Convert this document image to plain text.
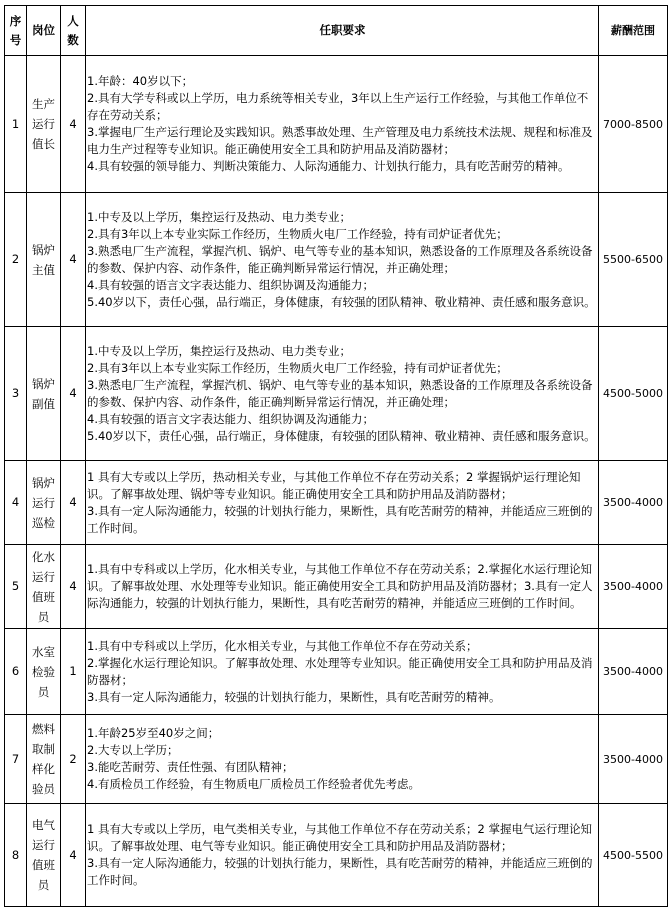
序
号	岗位	人
数	任职要求	薪酬范围
1	生产
运行
值长	4	1.年龄：40岁以下；
2.具有大学专科或以上学历，电力系统等相关专业，3年以上生产运行工作经验，与其他工作单位不存在劳动关系；
3.掌握电厂生产运行理论及实践知识。熟悉事故处理、生产管理及电力系统技术法规、规程和标准及电力生产过程等专业知识。能正确使用安全工具和防护用品及消防器材；
4.具有较强的领导能力、判断决策能力、人际沟通能力、计划执行能力，具有吃苦耐劳的精神。	7000-8500
2	锅炉
主值	4	1.中专及以上学历，集控运行及热动、电力类专业；
2.具有3年以上本专业实际工作经历，生物质火电厂工作经验，持有司炉证者优先；
3.熟悉电厂生产流程，掌握汽机、锅炉、电气等专业的基本知识，熟悉设备的工作原理及各系统设备的参数、保护内容、动作条件，能正确判断异常运行情况，并正确处理；
4.具有较强的语言文字表达能力、组织协调及沟通能力；
5.40岁以下，责任心强，品行端正，身体健康，有较强的团队精神、敬业精神、责任感和服务意识。	5500-6500
3	锅炉
副值	4	1.中专及以上学历，集控运行及热动、电力类专业；
2.具有3年以上本专业实际工作经历，生物质火电厂工作经验，持有司炉证者优先；
3.熟悉电厂生产流程，掌握汽机、锅炉、电气等专业的基本知识，熟悉设备的工作原理及各系统设备的参数、保护内容、动作条件，能正确判断异常运行情况，并正确处理；
4.具有较强的语言文字表达能力、组织协调及沟通能力；
5.40岁以下，责任心强，品行端正，身体健康，有较强的团队精神、敬业精神、责任感和服务意识。	4500-5000
4	锅炉
运行
巡检	4	1 具有大专或以上学历，热动相关专业，与其他工作单位不存在劳动关系；2 掌握锅炉运行理论知识。了解事故处理、锅炉等专业知识。能正确使用安全工具和防护用品及消防器材；
3.具有一定人际沟通能力，较强的计划执行能力，果断性，具有吃苦耐劳的精神，并能适应三班倒的工作时间。	3500-4000
5	化水
运行
值班
员	4	1.具有中专科或以上学历，化水相关专业，与其他工作单位不存在劳动关系；2.掌握化水运行理论知识。了解事故处理、水处理等专业知识。能正确使用安全工具和防护用品及消防器材；3.具有一定人际沟通能力，较强的计划执行能力，果断性，具有吃苦耐劳的精神，并能适应三班倒的工作时间。	3500-4000
6	水室
检验
员	1	1.具有中专科或以上学历，化水相关专业，与其他工作单位不存在劳动关系；
2.掌握化水运行理论知识。了解事故处理、水处理等专业知识。能正确使用安全工具和防护用品及消防器材；
3.具有一定人际沟通能力，较强的计划执行能力，果断性，具有吃苦耐劳的精神。	3500-4000
7	燃料
取制
样化
验员	2	1.年龄25岁至40岁之间；
2.大专以上学历；
3.能吃苦耐劳、责任性强、有团队精神；
4.有质检员工作经验，有生物质电厂质检员工作经验者优先考虑。	3500-4000
8	电气
运行
值班
员	4	1 具有大专或以上学历，电气类相关专业，与其他工作单位不存在劳动关系；2 掌握电气运行理论知识。了解事故处理、电气等专业知识。能正确使用安全工具和防护用品及消防器材；
3.具有一定人际沟通能力，较强的计划执行能力，果断性，具有吃苦耐劳的精神，并能适应三班倒的工作时间。	4500-5500
